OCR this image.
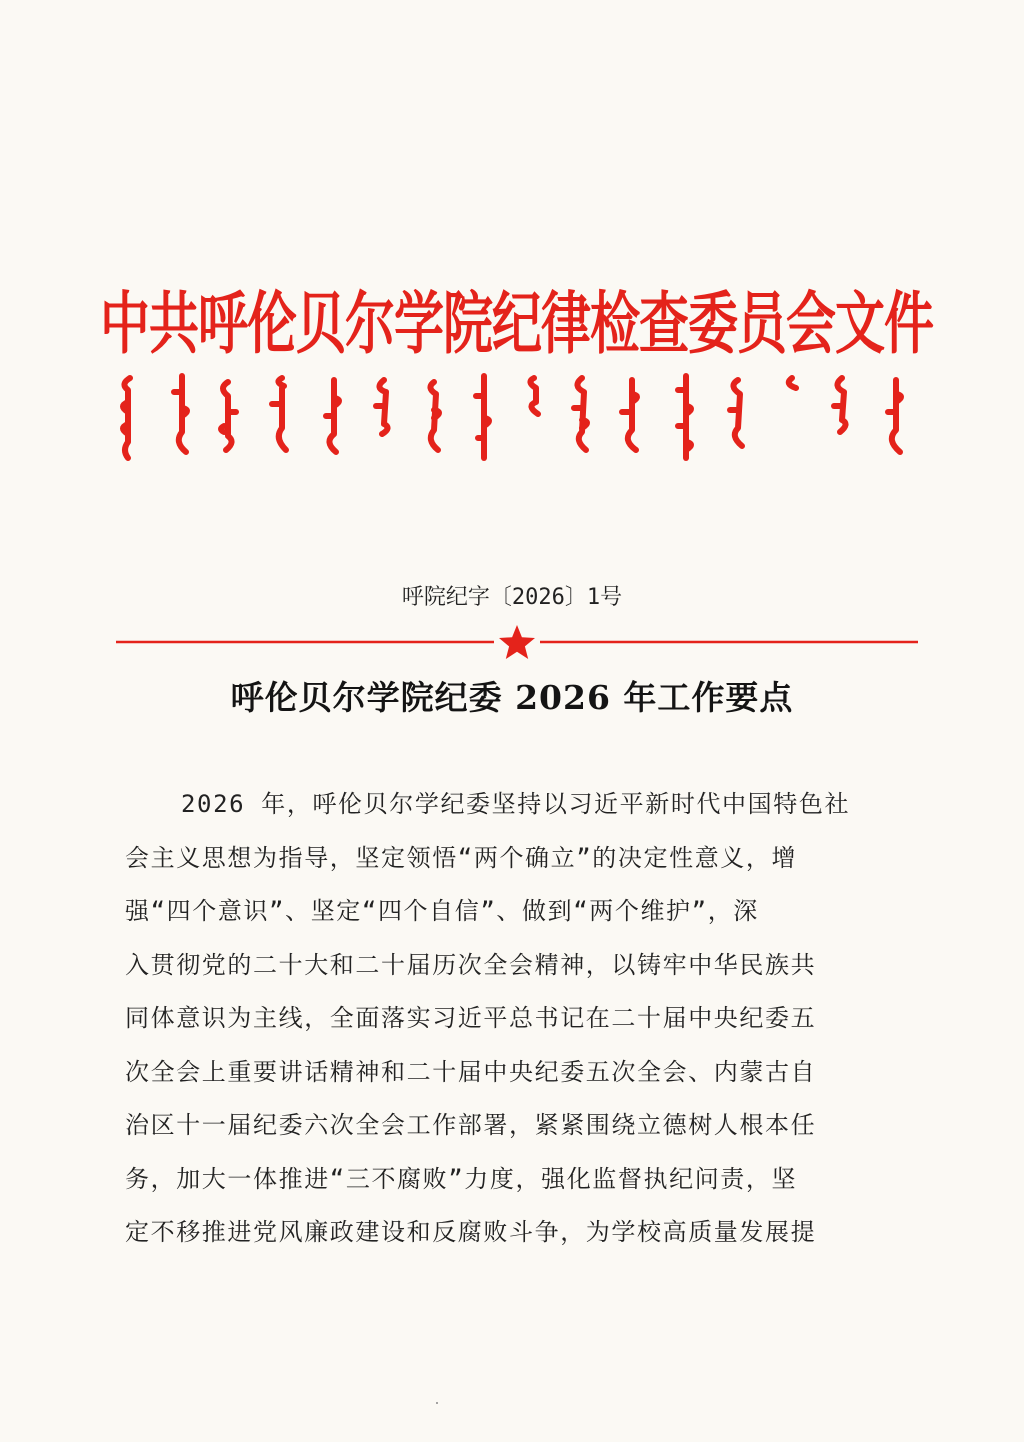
中共呼伦贝尔学院纪律检查委员会文件
呼院纪字〔2026〕1号
呼伦贝尔学院纪委 2026 年工作要点
2026 年，呼伦贝尔学纪委坚持以习近平新时代中国特色社
会主义思想为指导，坚定领悟“两个确立”的决定性意义，增
强“四个意识”、坚定“四个自信”、做到“两个维护”，深
入贯彻党的二十大和二十届历次全会精神，以铸牢中华民族共
同体意识为主线，全面落实习近平总书记在二十届中央纪委五
次全会上重要讲话精神和二十届中央纪委五次全会、内蒙古自
治区十一届纪委六次全会工作部署，紧紧围绕立德树人根本任
务，加大一体推进“三不腐败”力度，强化监督执纪问责，坚
定不移推进党风廉政建设和反腐败斗争，为学校高质量发展提
